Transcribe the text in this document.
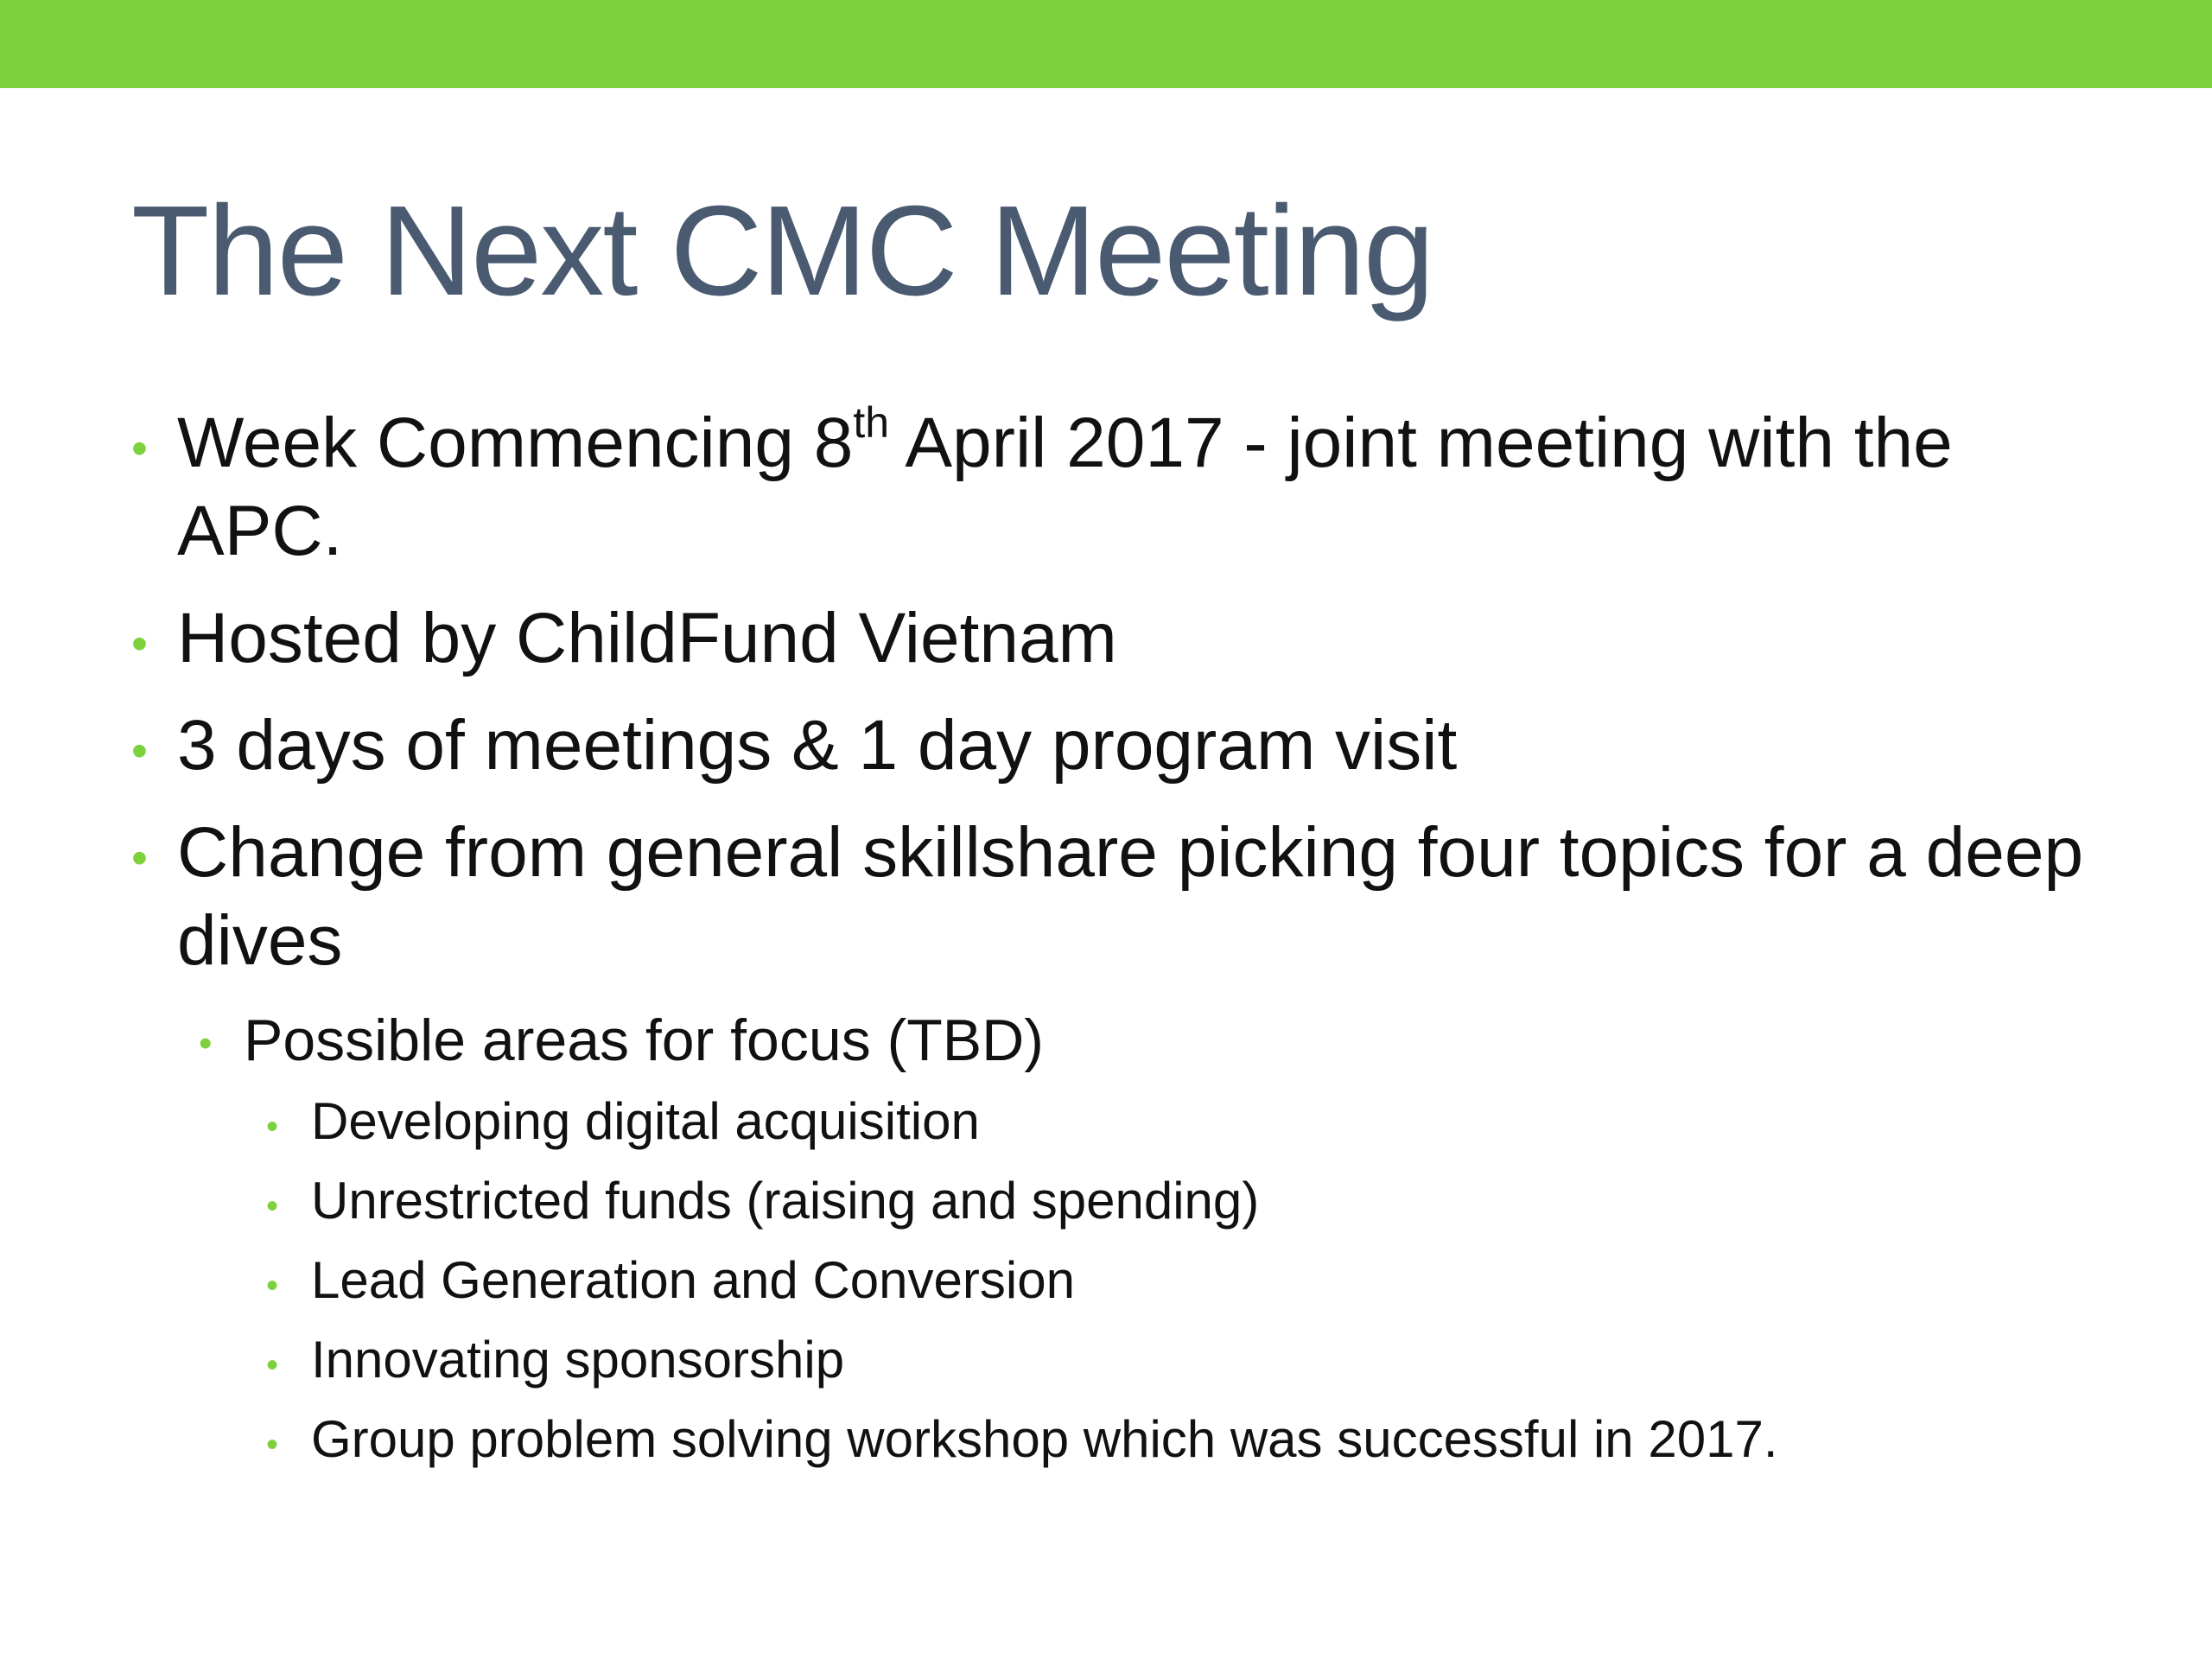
The Next CMC Meeting
• Week Commencing 8th April 2017 - joint meeting with the APC.
• Hosted by ChildFund Vietnam
• 3 days of meetings & 1 day program visit
• Change from general skillshare picking four topics for a deep dives
• Possible areas for focus (TBD)
• Developing digital acquisition
• Unrestricted funds (raising and spending)
• Lead Generation and Conversion
• Innovating sponsorship
• Group problem solving workshop which was successful in 2017.
